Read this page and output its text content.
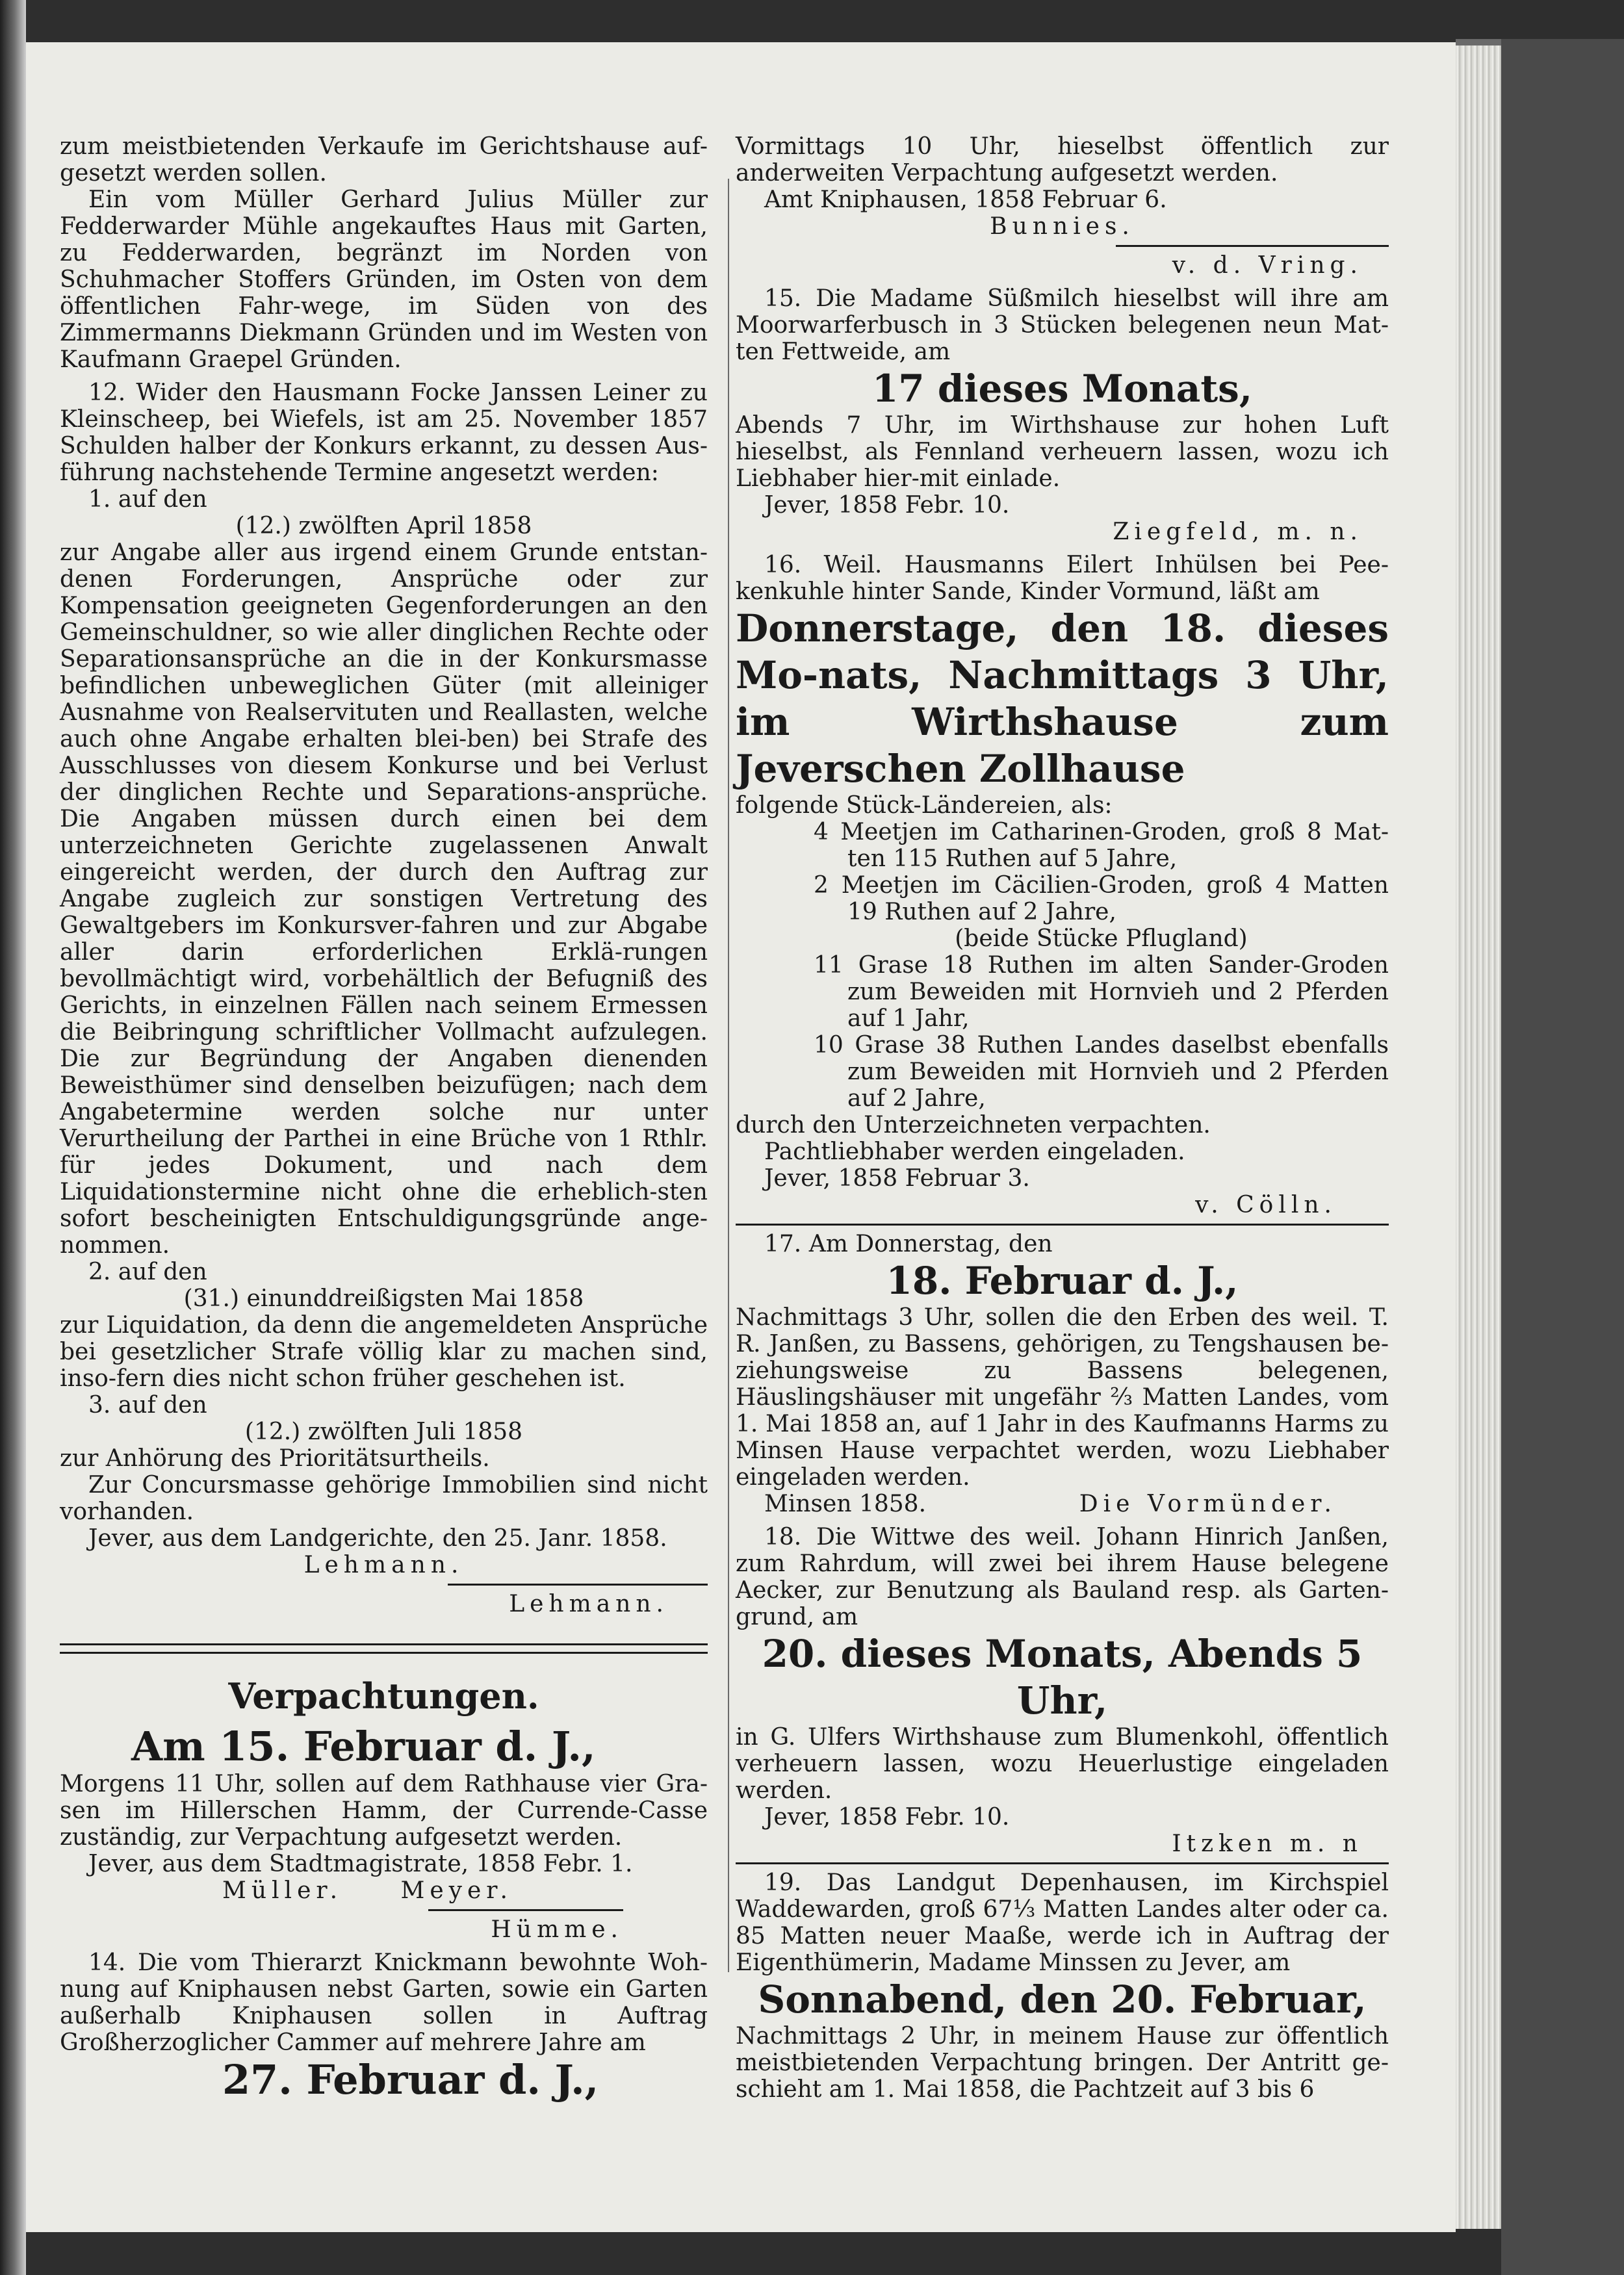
zum meistbietenden Verkaufe im Gerichtshause auf-gesetzt werden sollen.

Ein vom Müller Gerhard Julius Müller zur Fedderwarder Mühle angekauftes Haus mit Garten, zu Fedderwarden, begränzt im Norden von Schuhmacher Stoffers Gründen, im Osten von dem öffentlichen Fahr-wege, im Süden von des Zimmermanns Diekmann Gründen und im Westen von Kaufmann Graepel Gründen.

12. Wider den Hausmann Focke Janssen Leiner zu Kleinscheep, bei Wiefels, ist am 25. November 1857 Schulden halber der Konkurs erkannt, zu dessen Aus-führung nachstehende Termine angesetzt werden:

1. auf den

(12.) zwölften April 1858

zur Angabe aller aus irgend einem Grunde entstan-denen Forderungen, Ansprüche oder zur Kompensation geeigneten Gegenforderungen an den Gemeinschuldner, so wie aller dinglichen Rechte oder Separationsansprüche an die in der Konkursmasse befindlichen unbeweglichen Güter (mit alleiniger Ausnahme von Realservituten und Reallasten, welche auch ohne Angabe erhalten blei-ben) bei Strafe des Ausschlusses von diesem Konkurse und bei Verlust der dinglichen Rechte und Separations-ansprüche. Die Angaben müssen durch einen bei dem unterzeichneten Gerichte zugelassenen Anwalt eingereicht werden, der durch den Auftrag zur Angabe zugleich zur sonstigen Vertretung des Gewaltgebers im Konkursver-fahren und zur Abgabe aller darin erforderlichen Erklä-rungen bevollmächtigt wird, vorbehältlich der Befugniß des Gerichts, in einzelnen Fällen nach seinem Ermessen die Beibringung schriftlicher Vollmacht aufzulegen. Die zur Begründung der Angaben dienenden Beweisthümer sind denselben beizufügen; nach dem Angabetermine werden solche nur unter Verurtheilung der Parthei in eine Brüche von 1 Rthlr. für jedes Dokument, und nach dem Liquidationstermine nicht ohne die erheblich-sten sofort bescheinigten Entschuldigungsgründe ange-nommen.

2. auf den

(31.) einunddreißigsten Mai 1858

zur Liquidation, da denn die angemeldeten Ansprüche bei gesetzlicher Strafe völlig klar zu machen sind, inso-fern dies nicht schon früher geschehen ist.

3. auf den

(12.) zwölften Juli 1858

zur Anhörung des Prioritätsurtheils.

Zur Concursmasse gehörige Immobilien sind nicht vorhanden.

Jever, aus dem Landgerichte, den 25. Janr. 1858.

Lehmann.

Lehmann.

Verpachtungen.
Am 15. Februar d. J.,

Morgens 11 Uhr, sollen auf dem Rathhause vier Gra-sen im Hillerschen Hamm, der Currende-Casse zuständig, zur Verpachtung aufgesetzt werden.

Jever, aus dem Stadtmagistrate, 1858 Febr. 1.

Müller. Meyer.

Hümme.

14. Die vom Thierarzt Knickmann bewohnte Woh-nung auf Kniphausen nebst Garten, sowie ein Garten außerhalb Kniphausen sollen in Auftrag Großherzoglicher Cammer auf mehrere Jahre am

27. Februar d. J.,

Vormittags 10 Uhr, hieselbst öffentlich zur anderweiten Verpachtung aufgesetzt werden.

Amt Kniphausen, 1858 Februar 6.

Bunnies.

v. d. Vring.

15. Die Madame Süßmilch hieselbst will ihre am Moorwarferbusch in 3 Stücken belegenen neun Mat-ten Fettweide, am

17 dieses Monats,

Abends 7 Uhr, im Wirthshause zur hohen Luft hieselbst, als Fennland verheuern lassen, wozu ich Liebhaber hier-mit einlade.

Jever, 1858 Febr. 10.

Ziegfeld, m. n.

16. Weil. Hausmanns Eilert Inhülsen bei Pee-kenkuhle hinter Sande, Kinder Vormund, läßt am

Donnerstage, den 18. dieses Mo-nats, Nachmittags 3 Uhr, im Wirthshause zum Jeverschen Zollhause

folgende Stück-Ländereien, als:

4 Meetjen im Catharinen-Groden, groß 8 Mat-ten 115 Ruthen auf 5 Jahre,

2 Meetjen im Cäcilien-Groden, groß 4 Matten 19 Ruthen auf 2 Jahre,

(beide Stücke Pflugland)

11 Grase 18 Ruthen im alten Sander-Groden zum Beweiden mit Hornvieh und 2 Pferden auf 1 Jahr,

10 Grase 38 Ruthen Landes daselbst ebenfalls zum Beweiden mit Hornvieh und 2 Pferden auf 2 Jahre,

durch den Unterzeichneten verpachten.

Pachtliebhaber werden eingeladen.

Jever, 1858 Februar 3.

v. Cölln.

17. Am Donnerstag, den

18. Februar d. J.,

Nachmittags 3 Uhr, sollen die den Erben des weil. T. R. Janßen, zu Bassens, gehörigen, zu Tengshausen be-ziehungsweise zu Bassens belegenen, Häuslingshäuser mit ungefähr ⅔ Matten Landes, vom 1. Mai 1858 an, auf 1 Jahr in des Kaufmanns Harms zu Minsen Hause verpachtet werden, wozu Liebhaber eingeladen werden.

Minsen 1858.	Die Vormünder.

18. Die Wittwe des weil. Johann Hinrich Janßen, zum Rahrdum, will zwei bei ihrem Hause belegene Aecker, zur Benutzung als Bauland resp. als Garten-grund, am

20. dieses Monats, Abends 5 Uhr,

in G. Ulfers Wirthshause zum Blumenkohl, öffentlich verheuern lassen, wozu Heuerlustige eingeladen werden.

Jever, 1858 Febr. 10.

Itzken m. n

19. Das Landgut Depenhausen, im Kirchspiel Waddewarden, groß 67⅓ Matten Landes alter oder ca. 85 Matten neuer Maaße, werde ich in Auftrag der Eigenthümerin, Madame Minssen zu Jever, am

Sonnabend, den 20. Februar,

Nachmittags 2 Uhr, in meinem Hause zur öffentlich meistbietenden Verpachtung bringen. Der Antritt ge-schieht am 1. Mai 1858, die Pachtzeit auf 3 bis 6
